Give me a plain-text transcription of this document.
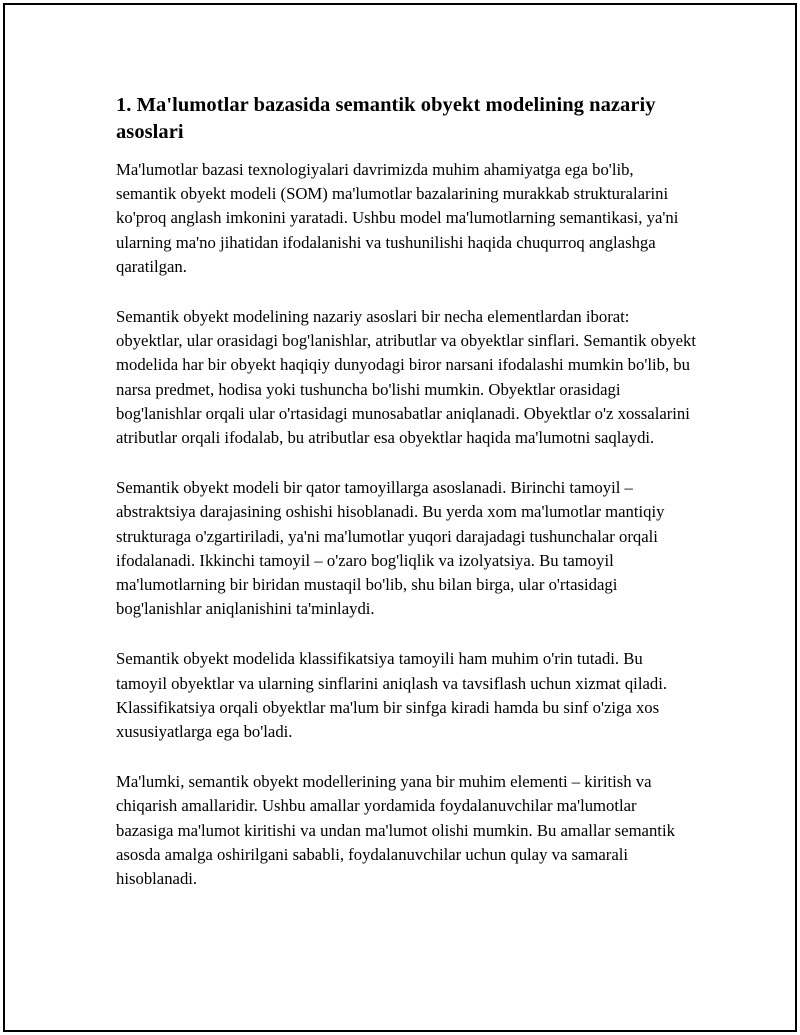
1. Ma'lumotlar bazasida semantik obyekt modelining nazariy asoslari

Ma'lumotlar bazasi texnologiyalari davrimizda muhim ahamiyatga ega bo'lib, semantik obyekt modeli (SOM) ma'lumotlar bazalarining murakkab strukturalarini ko'proq anglash imkonini yaratadi. Ushbu model ma'lumotlarning semantikasi, ya'ni ularning ma'no jihatidan ifodalanishi va tushunilishi haqida chuqurroq anglashga qaratilgan.

Semantik obyekt modelining nazariy asoslari bir necha elementlardan iborat: obyektlar, ular orasidagi bog'lanishlar, atributlar va obyektlar sinflari. Semantik obyekt modelida har bir obyekt haqiqiy dunyodagi biror narsani ifodalashi mumkin bo'lib, bu narsa predmet, hodisa yoki tushuncha bo'lishi mumkin. Obyektlar orasidagi bog'lanishlar orqali ular o'rtasidagi munosabatlar aniqlanadi. Obyektlar o'z xossalarini atributlar orqali ifodalab, bu atributlar esa obyektlar haqida ma'lumotni saqlaydi.

Semantik obyekt modeli bir qator tamoyillarga asoslanadi. Birinchi tamoyil – abstraktsiya darajasining oshishi hisoblanadi. Bu yerda xom ma'lumotlar mantiqiy strukturaga o'zgartiriladi, ya'ni ma'lumotlar yuqori darajadagi tushunchalar orqali ifodalanadi. Ikkinchi tamoyil – o'zaro bog'liqlik va izolyatsiya. Bu tamoyil ma'lumotlarning bir biridan mustaqil bo'lib, shu bilan birga, ular o'rtasidagi bog'lanishlar aniqlanishini ta'minlaydi.

Semantik obyekt modelida klassifikatsiya tamoyili ham muhim o'rin tutadi. Bu tamoyil obyektlar va ularning sinflarini aniqlash va tavsiflash uchun xizmat qiladi. Klassifikatsiya orqali obyektlar ma'lum bir sinfga kiradi hamda bu sinf o'ziga xos xususiyatlarga ega bo'ladi.

Ma'lumki, semantik obyekt modellerining yana bir muhim elementi – kiritish va chiqarish amallaridir. Ushbu amallar yordamida foydalanuvchilar ma'lumotlar bazasiga ma'lumot kiritishi va undan ma'lumot olishi mumkin. Bu amallar semantik asosda amalga oshirilgani sababli, foydalanuvchilar uchun qulay va samarali hisoblanadi.
